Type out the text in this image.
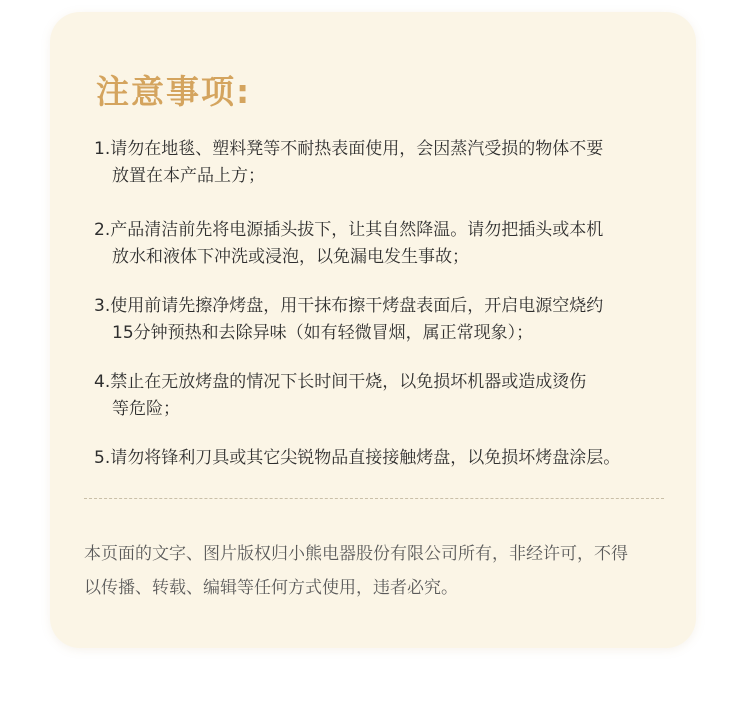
注意事项:
1.请勿在地毯、塑料凳等不耐热表面使用，会因蒸汽受损的物体不要
放置在本产品上方；
2.产品清洁前先将电源插头拔下，让其自然降温。请勿把插头或本机
放水和液体下冲洗或浸泡，以免漏电发生事故；
3.使用前请先擦净烤盘，用干抹布擦干烤盘表面后，开启电源空烧约
15分钟预热和去除异味（如有轻微冒烟，属正常现象）；
4.禁止在无放烤盘的情况下长时间干烧，以免损坏机器或造成烫伤
等危险；
5.请勿将锋利刀具或其它尖锐物品直接接触烤盘，以免损坏烤盘涂层。

本页面的文字、图片版权归小熊电器股份有限公司所有，非经许可，不得
以传播、转载、编辑等任何方式使用，违者必究。
